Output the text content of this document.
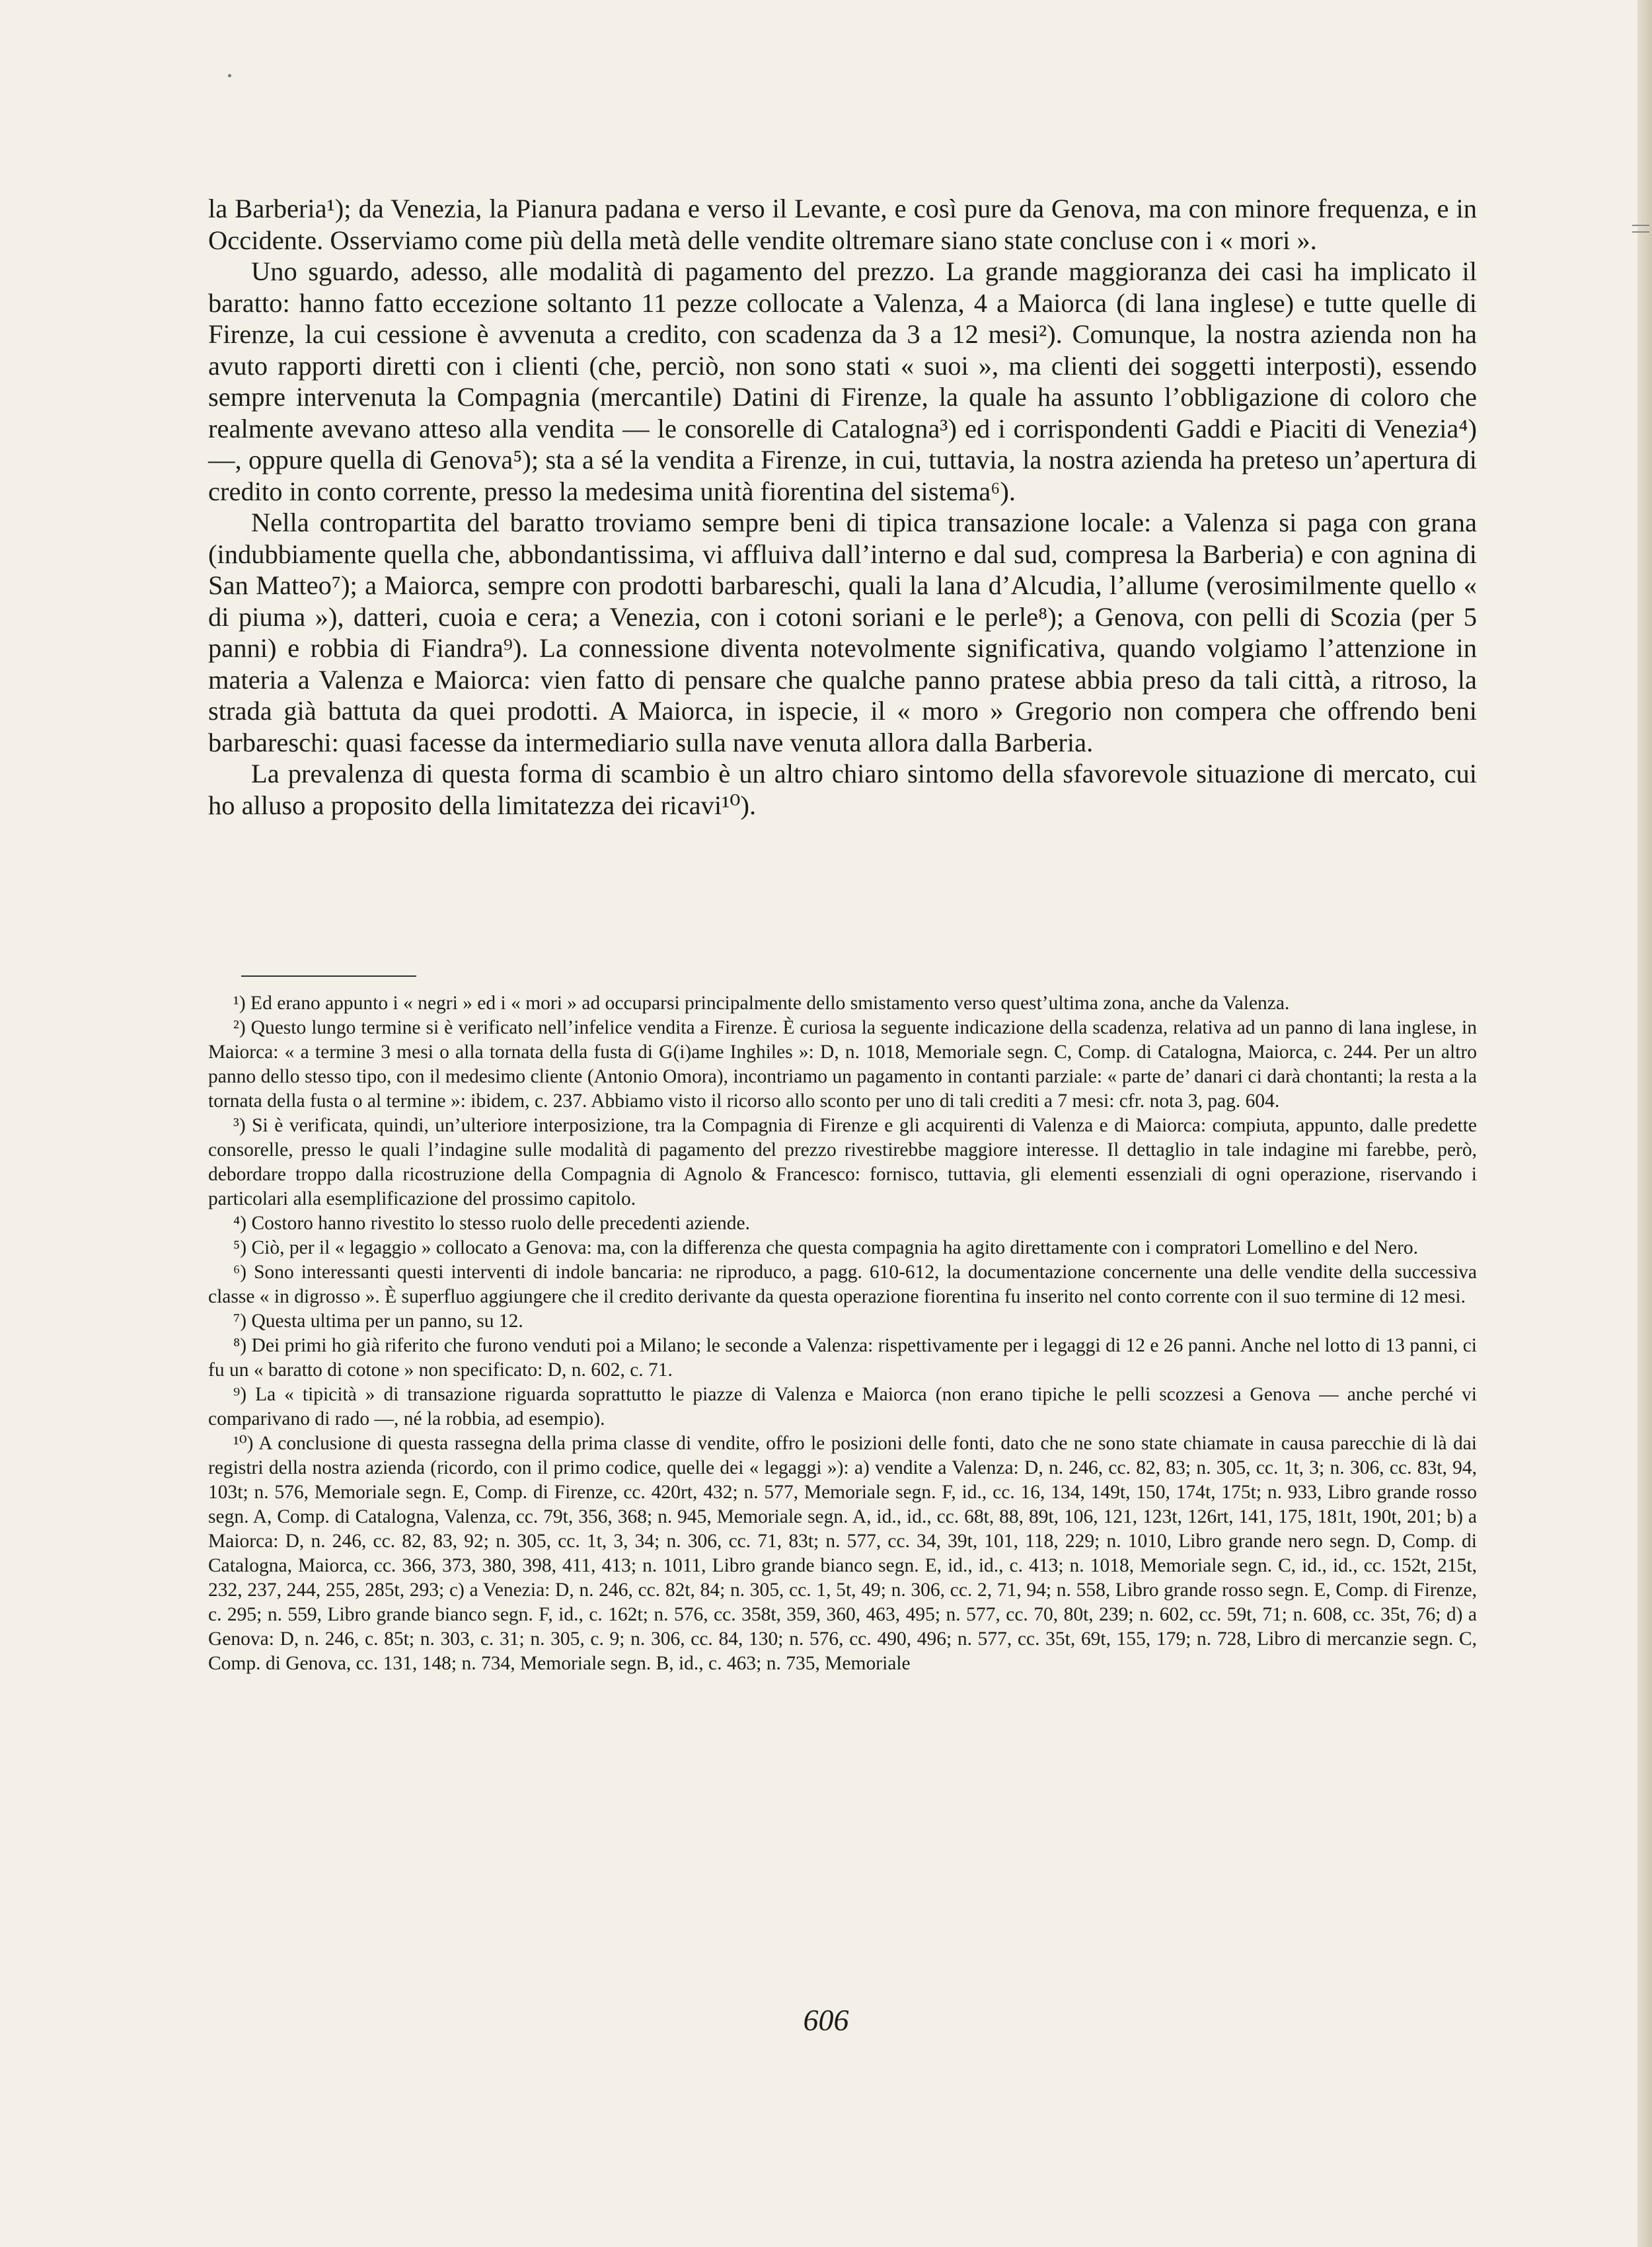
la Barberia¹); da Venezia, la Pianura padana e verso il Levante, e così pure da Genova, ma con minore frequenza, e in Occidente. Osserviamo come più della metà delle vendite oltremare siano state concluse con i « mori ».

Uno sguardo, adesso, alle modalità di pagamento del prezzo. La grande maggioranza dei casi ha implicato il baratto: hanno fatto eccezione soltanto 11 pezze collocate a Valenza, 4 a Maiorca (di lana inglese) e tutte quelle di Firenze, la cui cessione è avvenuta a credito, con scadenza da 3 a 12 mesi²). Comunque, la nostra azienda non ha avuto rapporti diretti con i clienti (che, perciò, non sono stati « suoi », ma clienti dei soggetti interposti), essendo sempre intervenuta la Compagnia (mercantile) Datini di Firenze, la quale ha assunto l’obbligazione di coloro che realmente avevano atteso alla vendita — le consorelle di Catalogna³) ed i corrispondenti Gaddi e Piaciti di Venezia⁴) —, oppure quella di Genova⁵); sta a sé la vendita a Firenze, in cui, tuttavia, la nostra azienda ha preteso un’apertura di credito in conto corrente, presso la medesima unità fiorentina del sistema⁶).

Nella contropartita del baratto troviamo sempre beni di tipica transazione locale: a Valenza si paga con grana (indubbiamente quella che, abbondantissima, vi affluiva dall’interno e dal sud, compresa la Barberia) e con agnina di San Matteo⁷); a Maiorca, sempre con prodotti barbareschi, quali la lana d’Alcudia, l’allume (verosimilmente quello « di piuma »), datteri, cuoia e cera; a Venezia, con i cotoni soriani e le perle⁸); a Genova, con pelli di Scozia (per 5 panni) e robbia di Fiandra⁹). La connessione diventa notevolmente significativa, quando volgiamo l’attenzione in materia a Valenza e Maiorca: vien fatto di pensare che qualche panno pratese abbia preso da tali città, a ritroso, la strada già battuta da quei prodotti. A Maiorca, in ispecie, il « moro » Gregorio non compera che offrendo beni barbareschi: quasi facesse da intermediario sulla nave venuta allora dalla Barberia.

La prevalenza di questa forma di scambio è un altro chiaro sintomo della sfavorevole situazione di mercato, cui ho alluso a proposito della limitatezza dei ricavi¹⁰).

¹) Ed erano appunto i « negri » ed i « mori » ad occuparsi principalmente dello smistamento verso quest’ultima zona, anche da Valenza.

²) Questo lungo termine si è verificato nell’infelice vendita a Firenze. È curiosa la seguente indicazione della scadenza, relativa ad un panno di lana inglese, in Maiorca: « a termine 3 mesi o alla tornata della fusta di G(i)ame Inghiles »: D, n. 1018, Memoriale segn. C, Comp. di Catalogna, Maiorca, c. 244. Per un altro panno dello stesso tipo, con il medesimo cliente (Antonio Omora), incontriamo un pagamento in contanti parziale: « parte de’ danari ci darà chontanti; la resta a la tornata della fusta o al termine »: ibidem, c. 237. Abbiamo visto il ricorso allo sconto per uno di tali crediti a 7 mesi: cfr. nota 3, pag. 604.

³) Si è verificata, quindi, un’ulteriore interposizione, tra la Compagnia di Firenze e gli acquirenti di Valenza e di Maiorca: compiuta, appunto, dalle predette consorelle, presso le quali l’indagine sulle modalità di pagamento del prezzo rivestirebbe maggiore interesse. Il dettaglio in tale indagine mi farebbe, però, debordare troppo dalla ricostruzione della Compagnia di Agnolo & Francesco: fornisco, tuttavia, gli elementi essenziali di ogni operazione, riservando i particolari alla esemplificazione del prossimo capitolo.

⁴) Costoro hanno rivestito lo stesso ruolo delle precedenti aziende.

⁵) Ciò, per il « legaggio » collocato a Genova: ma, con la differenza che questa compagnia ha agito direttamente con i compratori Lomellino e del Nero.

⁶) Sono interessanti questi interventi di indole bancaria: ne riproduco, a pagg. 610-612, la documentazione concernente una delle vendite della successiva classe « in digrosso ». È superfluo aggiungere che il credito derivante da questa operazione fiorentina fu inserito nel conto corrente con il suo termine di 12 mesi.

⁷) Questa ultima per un panno, su 12.

⁸) Dei primi ho già riferito che furono venduti poi a Milano; le seconde a Valenza: rispettivamente per i legaggi di 12 e 26 panni. Anche nel lotto di 13 panni, ci fu un « baratto di cotone » non specificato: D, n. 602, c. 71.

⁹) La « tipicità » di transazione riguarda soprattutto le piazze di Valenza e Maiorca (non erano tipiche le pelli scozzesi a Genova — anche perché vi comparivano di rado —, né la robbia, ad esempio).

¹⁰) A conclusione di questa rassegna della prima classe di vendite, offro le posizioni delle fonti, dato che ne sono state chiamate in causa parecchie di là dai registri della nostra azienda (ricordo, con il primo codice, quelle dei « legaggi »): a) vendite a Valenza: D, n. 246, cc. 82, 83; n. 305, cc. 1t, 3; n. 306, cc. 83t, 94, 103t; n. 576, Memoriale segn. E, Comp. di Firenze, cc. 420rt, 432; n. 577, Memoriale segn. F, id., cc. 16, 134, 149t, 150, 174t, 175t; n. 933, Libro grande rosso segn. A, Comp. di Catalogna, Valenza, cc. 79t, 356, 368; n. 945, Memoriale segn. A, id., id., cc. 68t, 88, 89t, 106, 121, 123t, 126rt, 141, 175, 181t, 190t, 201; b) a Maiorca: D, n. 246, cc. 82, 83, 92; n. 305, cc. 1t, 3, 34; n. 306, cc. 71, 83t; n. 577, cc. 34, 39t, 101, 118, 229; n. 1010, Libro grande nero segn. D, Comp. di Catalogna, Maiorca, cc. 366, 373, 380, 398, 411, 413; n. 1011, Libro grande bianco segn. E, id., id., c. 413; n. 1018, Memoriale segn. C, id., id., cc. 152t, 215t, 232, 237, 244, 255, 285t, 293; c) a Venezia: D, n. 246, cc. 82t, 84; n. 305, cc. 1, 5t, 49; n. 306, cc. 2, 71, 94; n. 558, Libro grande rosso segn. E, Comp. di Firenze, c. 295; n. 559, Libro grande bianco segn. F, id., c. 162t; n. 576, cc. 358t, 359, 360, 463, 495; n. 577, cc. 70, 80t, 239; n. 602, cc. 59t, 71; n. 608, cc. 35t, 76; d) a Genova: D, n. 246, c. 85t; n. 303, c. 31; n. 305, c. 9; n. 306, cc. 84, 130; n. 576, cc. 490, 496; n. 577, cc. 35t, 69t, 155, 179; n. 728, Libro di mercanzie segn. C, Comp. di Genova, cc. 131, 148; n. 734, Memoriale segn. B, id., c. 463; n. 735, Memoriale

606
